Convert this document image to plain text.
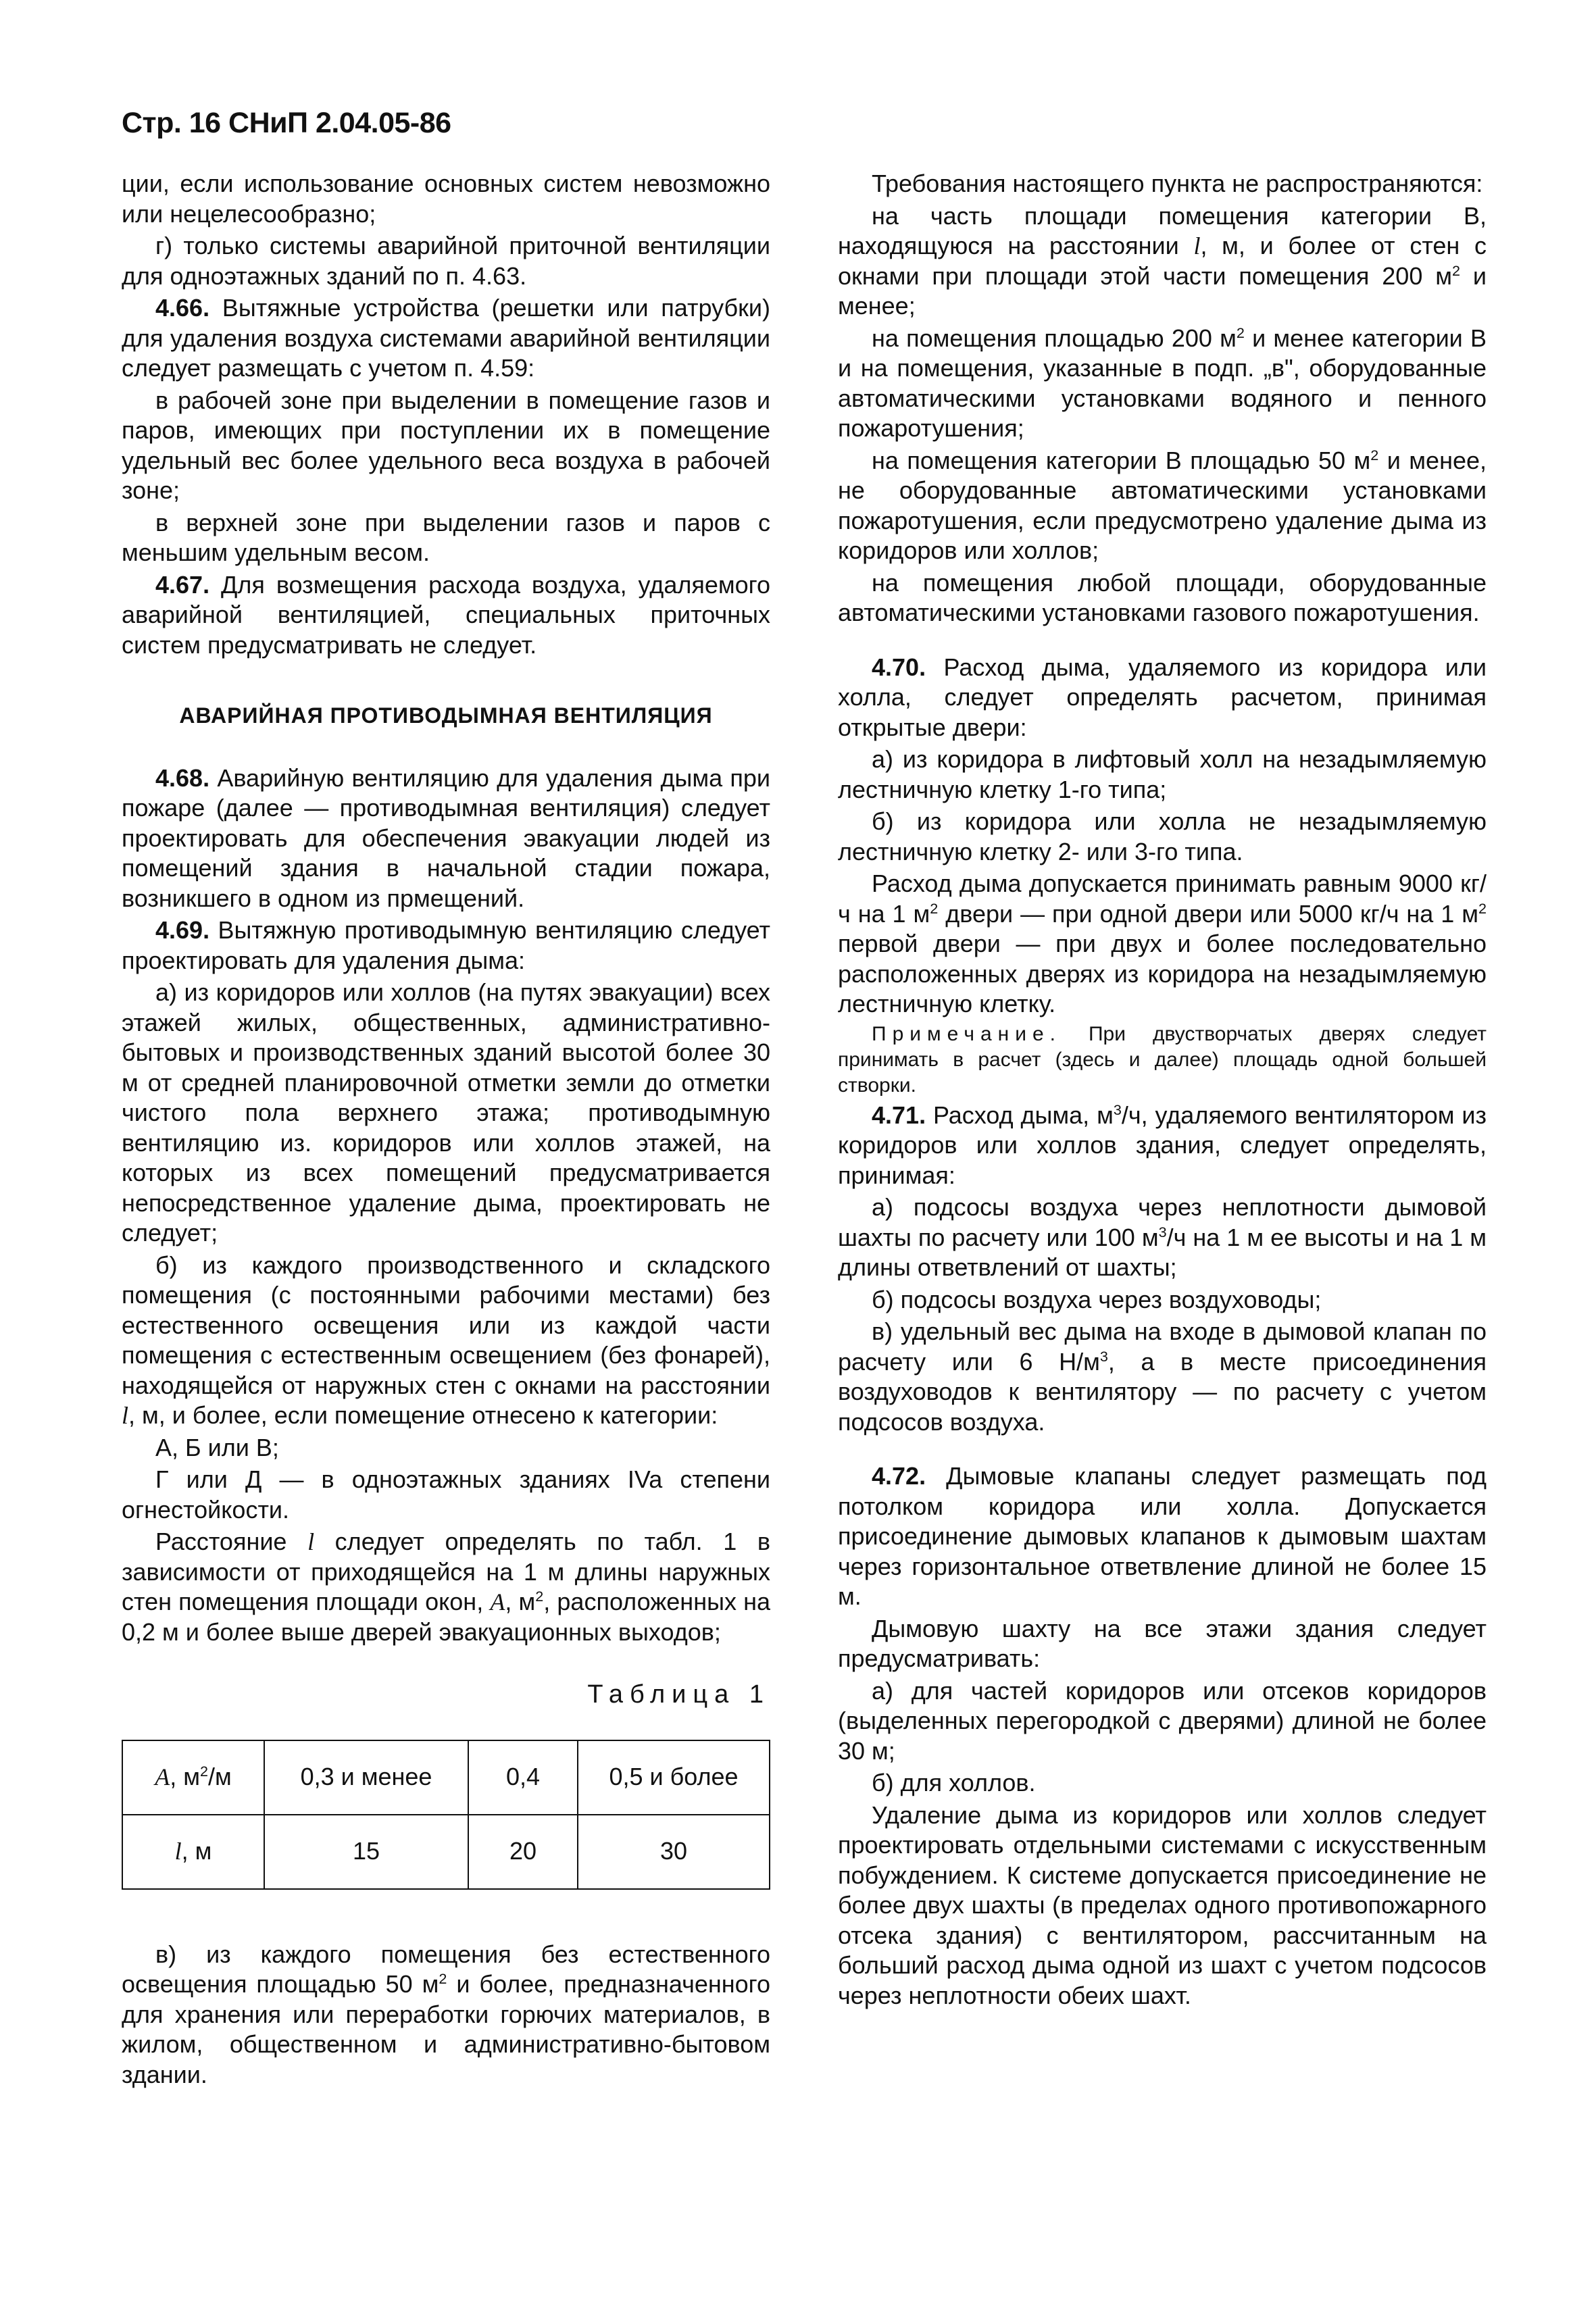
Стр. 16 СНиП 2.04.05-86

ции, если использование основных систем невозможно или нецелесообразно;

г) только системы аварийной приточной вентиляции для одноэтажных зданий по п. 4.63.

4.66. Вытяжные устройства (решетки или патрубки) для удаления воздуха системами аварийной вентиляции следует размещать с учетом п. 4.59:

в рабочей зоне при выделении в помещение газов и паров, имеющих при поступлении их в помещение удельный вес более удельного веса воздуха в рабочей зоне;

в верхней зоне при выделении газов и паров с меньшим удельным весом.

4.67. Для возмещения расхода воздуха, удаляемого аварийной вентиляцией, специальных приточных систем предусматривать не следует.

АВАРИЙНАЯ ПРОТИВОДЫМНАЯ ВЕНТИЛЯЦИЯ

4.68. Аварийную вентиляцию для удаления дыма при пожаре (далее — противодымная вентиляция) следует проектировать для обеспечения эвакуации людей из помещений здания в начальной стадии пожара, возникшего в одном из прмещений.

4.69. Вытяжную противодымную вентиляцию следует проектировать для удаления дыма:

а) из коридоров или холлов (на путях эвакуации) всех этажей жилых, общественных, административно-бытовых и производственных зданий высотой более 30 м от средней планировочной отметки земли до отметки чистого пола верхнего этажа; противодымную вентиляцию из. коридоров или холлов этажей, на которых из всех помещений предусматривается непосредственное удаление дыма, проектировать не следует;

б) из каждого производственного и складского помещения (с постоянными рабочими местами) без естественного освещения или из каждой части помещения с естественным освещением (без фонарей), находящейся от наружных стен с окнами на расстоянии l, м, и более, если помещение отнесено к категории:

А, Б или В;

Г или Д — в одноэтажных зданиях IVa степени огнестойкости.

Расстояние l следует определять по табл. 1 в зависимости от приходящейся на 1 м длины наружных стен помещения площади окон, A, $м^2$, расположенных на 0,2 м и более выше дверей эвакуационных выходов;

Таблица 1
A, $м^2/м$	0,3 и менее	0,4	0,5 и более
l, м	15	20	30

в) из каждого помещения без естественного освещения площадью 50 $м^2$ и более, предназначенного для хранения или переработки горючих материалов, в жилом, общественном и административно-бытовом здании.

Требования настоящего пункта не распространяются:

на часть площади помещения категории В, находящуюся на расстоянии l, м, и более от стен с окнами при площади этой части помещения 200 $м^2$ и менее;

на помещения площадью 200 $м^2$ и менее категории В и на помещения, указанные в подп. „в", оборудованные автоматическими установками водяного и пенного пожаротушения;

на помещения категории В площадью 50 $м^2$ и менее, не оборудованные автоматическими установками пожаротушения, если предусмотрено удаление дыма из коридоров или холлов;

на помещения любой площади, оборудованные автоматическими установками газового пожаротушения.

4.70. Расход дыма, удаляемого из коридора или холла, следует определять расчетом, принимая открытые двери:

а) из коридора в лифтовый холл на незадымляемую лестничную клетку 1-го типа;

б) из коридора или холла не незадымляемую лестничную клетку 2- или 3-го типа.

Расход дыма допускается принимать равным 9000 кг/ч на 1 $м^2$ двери — при одной двери или 5000 кг/ч на 1 $м^2$ первой двери — при двух и более последовательно расположенных дверях из коридора на незадымляемую лестничную клетку.

Примечание. При двустворчатых дверях следует принимать в расчет (здесь и далее) площадь одной большей створки.

4.71. Расход дыма, $м^3/ч$, удаляемого вентилятором из коридоров или холлов здания, следует определять, принимая:

а) подсосы воздуха через неплотности дымовой шахты по расчету или 100 $м^3/ч$ на 1 м ее высоты и на 1 м длины ответвлений от шахты;

б) подсосы воздуха через воздуховоды;

в) удельный вес дыма на входе в дымовой клапан по расчету или 6 $Н/м^3$, а в месте присоединения воздуховодов к вентилятору — по расчету с учетом подсосов воздуха.

4.72. Дымовые клапаны следует размещать под потолком коридора или холла. Допускается присоединение дымовых клапанов к дымовым шахтам через горизонтальное ответвление длиной не более 15 м.

Дымовую шахту на все этажи здания следует предусматривать:

а) для частей коридоров или отсеков коридоров (выделенных перегородкой с дверями) длиной не более 30 м;

б) для холлов.

Удаление дыма из коридоров или холлов следует проектировать отдельными системами с искусственным побуждением. К системе допускается присоединение не более двух шахты (в пределах одного противопожарного отсека здания) с вентилятором, рассчитанным на больший расход дыма одной из шахт с учетом подсосов через неплотности обеих шахт.
